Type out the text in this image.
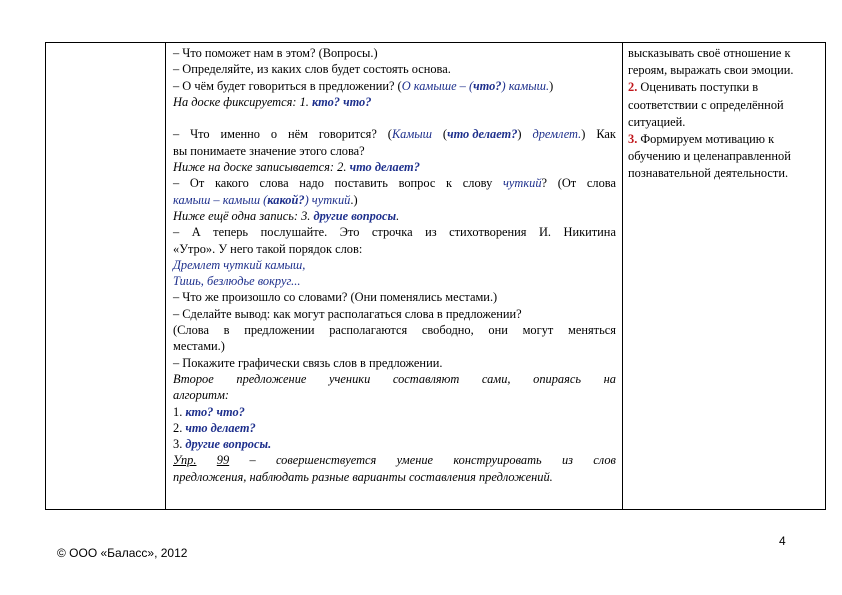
– Что поможет нам в этом? (Вопросы.)
– Определяйте, из каких слов будет состоять основа.
– О чём будет говориться в предложении? (О камыше – (что?) камыш.)
На доске фиксируется: 1. кто? что?
– Что именно о нём говорится? (Камыш (что делает?) дремлет.) Как
вы понимаете значение этого слова?
Ниже на доске записывается: 2. что делает?
– От какого слова надо поставить вопрос к слову чуткий? (От слова
камыш – камыш (какой?) чуткий.)
Ниже ещё одна запись: 3. другие вопросы.
– А теперь послушайте. Это строчка из стихотворения И. Никитина
«Утро». У него такой порядок слов:
Дремлет чуткий камыш,
Тишь, безлюдье вокруг...
– Что же произошло со словами? (Они поменялись местами.)
– Сделайте вывод: как могут располагаться слова в предложении?
(Слова в предложении располагаются свободно, они могут меняться
местами.)
– Покажите графически связь слов в предложении.
Второе предложение ученики составляют сами, опираясь на
алгоритм:
1. кто? что?
2. что делает?
3. другие вопросы.
Упр. 99 – совершенствуется умение конструировать из слов
предложения, наблюдать разные варианты составления предложений.
высказывать своё отношение к
героям, выражать свои эмоции.
2. Оценивать поступки в
соответствии с определённой
ситуацией.
3. Формируем мотивацию к
обучению и целенаправленной
познавательной деятельности.
4
© ООО «Баласс», 2012
